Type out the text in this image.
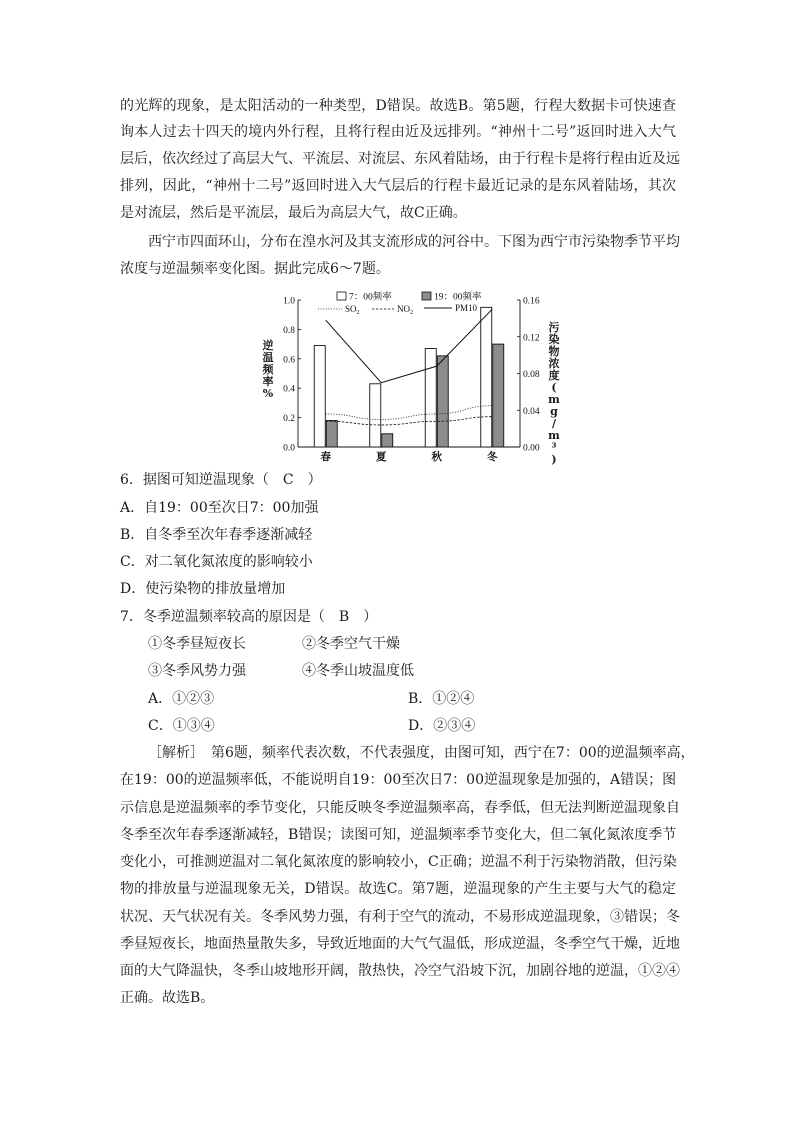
的光辉的现象，是太阳活动的一种类型，D错误。故选B。第5题，行程大数据卡可快速查
询本人过去十四天的境内外行程，且将行程由近及远排列。“神州十二号”返回时进入大气
层后，依次经过了高层大气、平流层、对流层、东风着陆场，由于行程卡是将行程由近及远
排列，因此，“神州十二号”返回时进入大气层后的行程卡最近记录的是东风着陆场，其次
是对流层，然后是平流层，最后为高层大气，故C正确。
西宁市四面环山，分布在湟水河及其支流形成的河谷中。下图为西宁市污染物季节平均
浓度与逆温频率变化图。据此完成6～7题。
1.0
0.8
0.6
0.4
0.2
0.0
0.16
0.12
0.08
0.04
0.00
春	夏	秋	冬
7：00频率	19：00频率
$SO_2$	$NO_2$	PM10
逆
温
频
率
%
污
染
物
浓
度
(
m
g
/
m
³
)
6．据图可知逆温现象（　C　）
A．自19：00至次日7：00加强
B．自冬季至次年春季逐渐减轻
C．对二氧化氮浓度的影响较小
D．使污染物的排放量增加
7．冬季逆温频率较高的原因是（　B　）
①冬季昼短夜长	②冬季空气干燥
③冬季风势力强	④冬季山坡温度低
A．①②③	B．①②④
C．①③④	D．②③④
［解析］　第6题，频率代表次数，不代表强度，由图可知，西宁在7：00的逆温频率高，
在19：00的逆温频率低，不能说明自19：00至次日7：00逆温现象是加强的，A错误；图
示信息是逆温频率的季节变化，只能反映冬季逆温频率高，春季低，但无法判断逆温现象自
冬季至次年春季逐渐减轻，B错误；读图可知，逆温频率季节变化大，但二氧化氮浓度季节
变化小，可推测逆温对二氧化氮浓度的影响较小，C正确；逆温不利于污染物消散，但污染
物的排放量与逆温现象无关，D错误。故选C。第7题，逆温现象的产生主要与大气的稳定
状况、天气状况有关。冬季风势力强，有利于空气的流动，不易形成逆温现象，③错误；冬
季昼短夜长，地面热量散失多，导致近地面的大气气温低，形成逆温，冬季空气干燥，近地
面的大气降温快，冬季山坡地形开阔，散热快，冷空气沿坡下沉，加剧谷地的逆温，①②④
正确。故选B。
